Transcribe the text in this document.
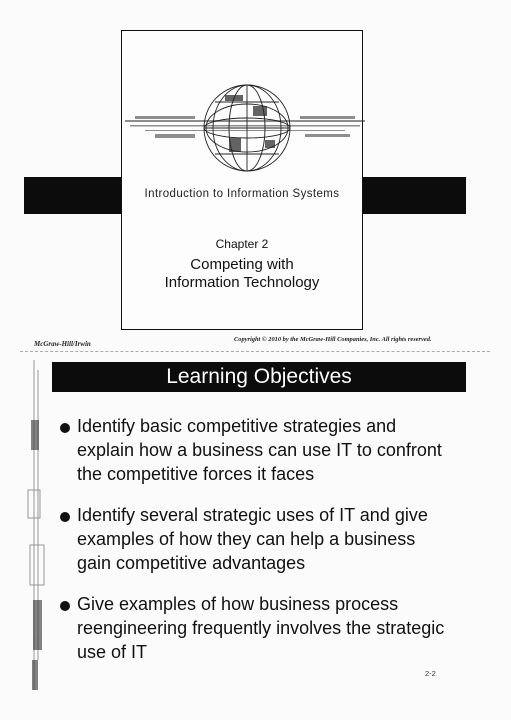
Introduction to Information Systems
Chapter 2
Competing with
Information Technology
McGraw-Hill/Irwin
Copyright © 2010 by the McGraw-Hill Companies, Inc. All rights reserved.
Learning Objectives
Identify basic competitive strategies and
explain how a business can use IT to confront
the competitive forces it faces
Identify several strategic uses of IT and give
examples of how they can help a business
gain competitive advantages
Give examples of how business process
reengineering frequently involves the strategic
use of IT
2-2
